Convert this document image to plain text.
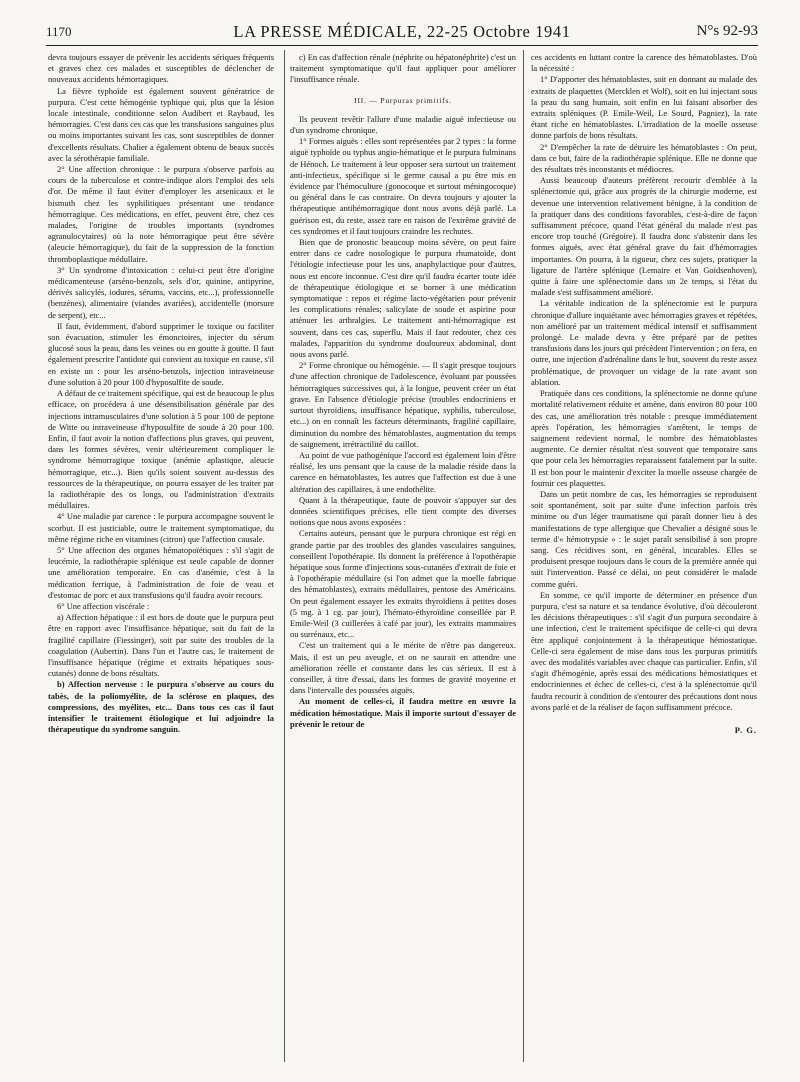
1170	LA PRESSE MÉDICALE, 22-25 Octobre 1941	N°s 92-93

devra toujours essayer de prévenir les accidents sériques fréquents et graves chez ces malades et susceptibles de déclencher de nouveaux accidents hémorragiques.

La fièvre typhoïde est également souvent génératrice de purpura. C'est cette hémogénie typhique qui, plus que la lésion locale intestinale, conditionne selon Audibert et Raybaud, les hémorragies. C'est dans ces cas que les transfusions sanguines plus ou moins importantes suivant les cas, sont susceptibles de donner d'excellents résultats. Chalier a également obtenu de beaux succès avec la sérothérapie familiale.

2° Une affection chronique : le purpura s'observe parfois au cours de la tuberculose et contre-indique alors l'emploi des sels d'or. De même il faut éviter d'employer les arsenicaux et le bismuth chez les syphilitiques présentant une tendance hémorragique. Ces médications, en effet, peuvent être, chez ces malades, l'origine de troubles importants (syndromes agranulocytaires) où la note hémorragique peut être sévère (aleucie hémorragique), du fait de la suppression de la fonction thromboplastique médullaire.

3° Un syndrome d'intoxication : celui-ci peut être d'origine médicamenteuse (arséno-benzols, sels d'or, quinine, antipyrine, dérivés salicylés, iodures, sérums, vaccins, etc...), professionnelle (benzènes), alimentaire (viandes avariées), accidentelle (morsure de serpent), etc...

Il faut, évidemment, d'abord supprimer le toxique ou faciliter son évacuation, stimuler les émonctoires, injecter du sérum glucosé sous la peau, dans les veines ou en goutte à goutte. Il faut également prescrire l'antidote qui convient au toxique en cause, s'il en existe un : pour les arséno-benzols, injection intraveineuse d'une solution à 20 pour 100 d'hyposulfite de soude.

A défaut de ce traitement spécifique, qui est de beaucoup le plus efficace, on procédera à une désensibilisation générale par des injections intramusculaires d'une solution à 5 pour 100 de peptone de Witte ou intraveineuse d'hyposulfite de soude à 20 pour 100. Enfin, il faut avoir la notion d'affections plus graves, qui peuvent, dans les formes sévères, venir ultérieurement compliquer le syndrome hémorragique toxique (anémie aplastique, aleucie hémorragique, etc...). Bien qu'ils soient souvent au-dessus des ressources de la thérapeutique, on pourra essayer de les traiter par la radiothérapie des os longs, ou l'administration d'extraits médullaires.

4° Une maladie par carence : le purpura accompagne souvent le scorbut. Il est justiciable, outre le traitement symptomatique, du même régime riche en vitamines (citron) que l'affection causale.

5° Une affection des organes hématopoïétiques : s'il s'agit de leucémie, la radiothérapie splénique est seule capable de donner une amélioration temporaire. En cas d'anémie, c'est à la médication ferrique, à l'administration de foie de veau et d'estomac de porc et aux transfusions qu'il faudra avoir recours.

6° Une affection viscérale :

a) Affection hépatique : il est hors de doute que le purpura peut être en rapport avec l'insuffisance hépatique, soit du fait de la fragilité capillaire (Fiessinger), soit par suite des troubles de la coagulation (Aubertin). Dans l'un et l'autre cas, le traitement de l'insuffisance hépatique (régime et extraits hépatiques sous-cutanés) donne de bons résultats.

b) Affection nerveuse : le purpura s'observe au cours du tabès, de la poliomyélite, de la sclérose en plaques, des compressions, des myélites, etc... Dans tous ces cas il faut intensifier le traitement étiologique et lui adjoindre la thérapeutique du syndrome sanguin.

c) En cas d'affection rénale (néphrite ou hépatonéphrite) c'est un traitement symptomatique qu'il faut appliquer pour améliorer l'insuffisance rénale.

III. — Purpuras primitifs.

Ils peuvent revêtir l'allure d'une maladie aiguë infectieuse ou d'un syndrome chronique.

1° Formes aiguës : elles sont représentées par 2 types : la forme aiguë typhoïde ou typhus angio-hématique et le purpura fulminans de Hénoch. Le traitement à leur opposer sera surtout un traitement anti-infectieux, spécifique si le germe causal a pu être mis en évidence par l'hémoculture (gonocoque et surtout méningocoque) ou général dans le cas contraire. On devra toujours y ajouter la thérapeutique antihémorragique dont nous avons déjà parlé. La guérison est, du reste, assez rare en raison de l'extrême gravité de ces syndromes et il faut toujours craindre les rechutes.

Bien que de pronostic beaucoup moins sévère, on peut faire entrer dans ce cadre nosologique le purpura rhumatoïde, dont l'étiologie infectieuse pour les uns, anaphylactique pour d'autres, nous est encore inconnue. C'est dire qu'il faudra écarter toute idée de thérapeutique étiologique et se borner à une médication symptomatique : repos et régime lacto-végétarien pour prévenir les complications rénales; salicylate de soude et aspirine pour atténuer les arthralgies. Le traitement anti-hémorragique est souvent, dans ces cas, superflu. Mais il faut redouter, chez ces malades, l'apparition du syndrome douloureux abdominal, dont nous avons parlé.

2° Forme chronique ou hémogénie. — Il s'agit presque toujours d'une affection chronique de l'adolescence, évoluant par poussées hémorragiques successives qui, à la longue, peuvent créer un état grave. En l'absence d'étiologie précise (troubles endocriniens et surtout thyroïdiens, insuffisance hépatique, syphilis, tuberculose, etc...) on en connaît les facteurs déterminants, fragilité capillaire, diminution du nombre des hématoblastes, augmentation du temps de saignement, irrétractilité du caillot.

Au point de vue pathogénique l'accord est également loin d'être réalisé, les uns pensant que la cause de la maladie réside dans la carence en hématoblastes, les autres que l'affection est due à une altération des capillaires, à une endothélite.

Quant à la thérapeutique, faute de pouvoir s'appuyer sur des données scientifiques précises, elle tient compte des diverses notions que nous avons exposées :

Certains auteurs, pensant que le purpura chronique est régi en grande partie par des troubles des glandes vasculaires sanguines, conseillent l'opothérapie. Ils donnent la préférence à l'opothérapie hépatique sous forme d'injections sous-cutanées d'extrait de foie et à l'opothérapie médullaire (si l'on admet que la moelle fabrique des hématoblastes), extraits médullaires, pentose des Américains. On peut également essayer les extraits thyroïdiens à petites doses (5 mg. à 1 cg. par jour), l'hémato-éthyroïdine conseillée par P. Emile-Weil (3 cuillerées à café par jour), les extraits mammaires ou surrénaux, etc...

C'est un traitement qui a le mérite de n'être pas dangereux. Mais, il est un peu aveugle, et on ne saurait en attendre une amélioration réelle et constante dans les cas sérieux. Il est à conseiller, à titre d'essai, dans les formes de gravité moyenne et dans l'intervalle des poussées aiguës.

Au moment de celles-ci, il faudra mettre en œuvre la médication hémostatique. Mais il importe surtout d'essayer de prévenir le retour de

ces accidents en luttant contre la carence des hématoblastes. D'où la nécessité :

1° D'apporter des hématoblastes, soit en donnant au malade des extraits de plaquettes (Mercklen et Wolf), soit en lui injectant sous la peau du sang humain, soit enfin en lui faisant absorber des extraits spléniques (P. Emile-Weil, Le Sourd, Pagniez), la rate étant riche en hématoblastes. L'irradiation de la moelle osseuse donne parfois de bons résultats.

2° D'empêcher la rate de détruire les hématoblastes : On peut, dans ce but, faire de la radiothérapie splénique. Elle ne donne que des résultats très inconstants et médiocres.

Aussi beaucoup d'auteurs préfèrent recourir d'emblée à la splénectomie qui, grâce aux progrès de la chirurgie moderne, est devenue une intervention relativement bénigne, à la condition de la pratiquer dans des conditions favorables, c'est-à-dire de façon suffisamment précoce, quand l'état général du malade n'est pas encore trop touché (Grégoire). Il faudra donc s'abstenir dans les formes aiguës, avec état général grave du fait d'hémorragies importantes. On pourra, à la rigueur, chez ces sujets, pratiquer la ligature de l'artère splénique (Lemaire et Van Goidsenhoven), quitte à faire une splénectomie dans un 2e temps, si l'état du malade s'est suffisamment amélioré.

La véritable indication de la splénectomie est le purpura chronique d'allure inquiétante avec hémorragies graves et répétées, non amélioré par un traitement médical intensif et suffisamment prolongé. Le malade devra y être préparé par de petites transfusions dans les jours qui précèdent l'intervention ; on fera, en outre, une injection d'adrénaline dans le but, souvent du reste assez problématique, de provoquer un vidage de la rate avant son ablation.

Pratiquée dans ces conditions, la splénectomie ne donne qu'une mortalité relativement réduite et amène, dans environ 80 pour 100 des cas, une amélioration très notable : presque immédiatement après l'opération, les hémorragies s'arrêtent, le temps de saignement redevient normal, le nombre des hématoblastes augmente. Ce dernier résultat n'est souvent que temporaire sans que pour cela les hémorragies reparaissent fatalement par la suite. Il est bon pour le maintenir d'exciter la moelle osseuse chargée de fournir ces plaquettes.

Dans un petit nombre de cas, les hémorragies se reproduisent soit spontanément, soit par suite d'une infection parfois très minime ou d'un léger traumatisme qui paraît donner lieu à des manifestations de type allergique que Chevalier a désigné sous le terme d'« hémotrypsie » : le sujet paraît sensibilisé à son propre sang. Ces récidives sont, en général, incurables. Elles se produisent presque toujours dans le cours de la première année qui suit l'intervention. Passé ce délai, on peut considérer le malade comme guéri.

En somme, ce qu'il importe de déterminer en présence d'un purpura, c'est sa nature et sa tendance évolutive, d'où découleront les décisions thérapeutiques : s'il s'agit d'un purpura secondaire à une infection, c'est le traitement spécifique de celle-ci qui devra être appliqué conjointement à la thérapeutique hémostatique. Celle-ci sera également de mise dans tous les purpuras primitifs avec des modalités variables avec chaque cas particulier. Enfin, s'il s'agit d'hémogénie, après essai des médications hémostatiques et endocriniennes et échec de celles-ci, c'est à la splénectomie qu'il faudra recourir à condition de s'entourer des précautions dont nous avons parlé et de la réaliser de façon suffisamment précoce.

P. G.
